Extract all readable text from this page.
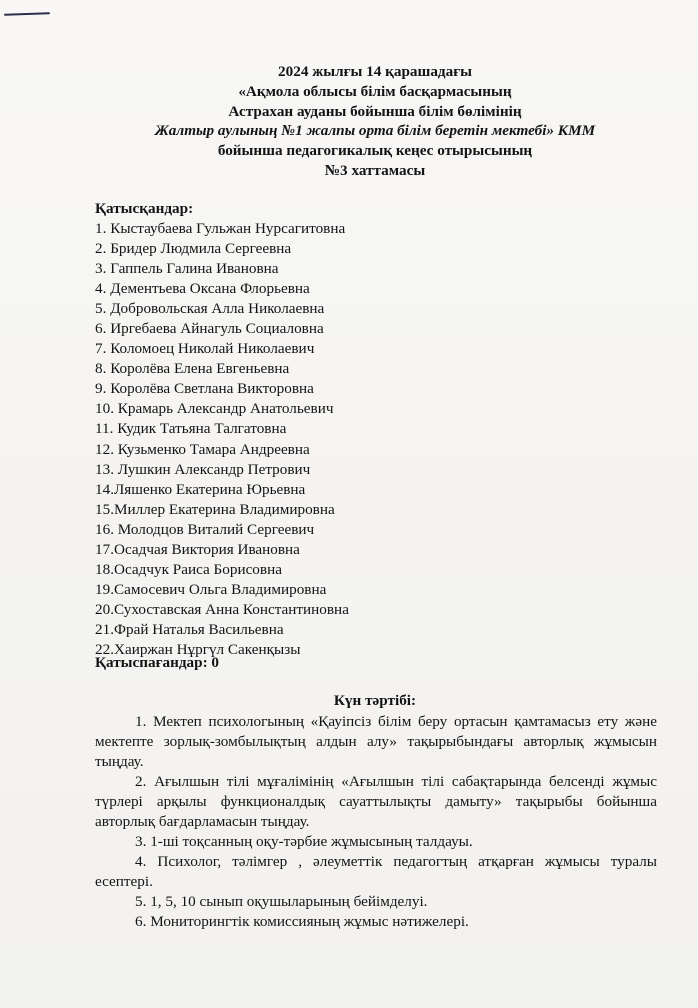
2024 жылғы 14 қарашадағы
«Ақмола облысы білім басқармасының
Астрахан ауданы бойынша білім бөлімінің
Жалтыр аулының №1 жалпы орта білім беретін мектебі» КММ
бойынша педагогикалық кеңес отырысының
№3 хаттамасы
Қатысқандар:
1. Кыстаубаева Гульжан Нурсагитовна
2. Бридер Людмила Сергеевна
3. Гаппель Галина Ивановна
4. Дементьева Оксана Флорьевна
5. Добровольская Алла Николаевна
6. Иргебаева Айнагуль Социаловна
7. Коломоец Николай Николаевич
8. Королёва Елена Евгеньевна
9. Королёва Светлана Викторовна
10. Крамарь Александр Анатольевич
11. Кудик Татьяна Талгатовна
12. Кузьменко Тамара Андреевна
13. Лушкин Александр Петрович
14.Ляшенко Екатерина Юрьевна
15.Миллер Екатерина Владимировна
16. Молодцов Виталий Сергеевич
17.Осадчая Виктория Ивановна
18.Осадчук Раиса Борисовна
19.Самосевич Ольга Владимировна
20.Сухоставская Анна Константиновна
21.Фрай Наталья Васильевна
22.Хаиржан Нұргүл Сакенқызы
Қатыспағандар: 0
Күн тәртібі:

1. Мектеп психологының «Қауіпсіз білім беру ортасын қамтамасыз ету және мектепте зорлық-зомбылықтың алдын алу» тақырыбындағы авторлық жұмысын тыңдау.

2. Ағылшын тілі мұғалімінің «Ағылшын тілі сабақтарында белсенді жұмыс түрлері арқылы функционалдық сауаттылықты дамыту» тақырыбы бойынша авторлық бағдарламасын тыңдау.

3. 1-ші тоқсанның оқу-тәрбие жұмысының талдауы.

4. Психолог, тәлімгер , әлеуметтік педагогтың атқарған жұмысы туралы есептері.

5. 1, 5, 10 сынып оқушыларының бейімделуі.

6. Мониторингтік комиссияның жұмыс нәтижелері.
